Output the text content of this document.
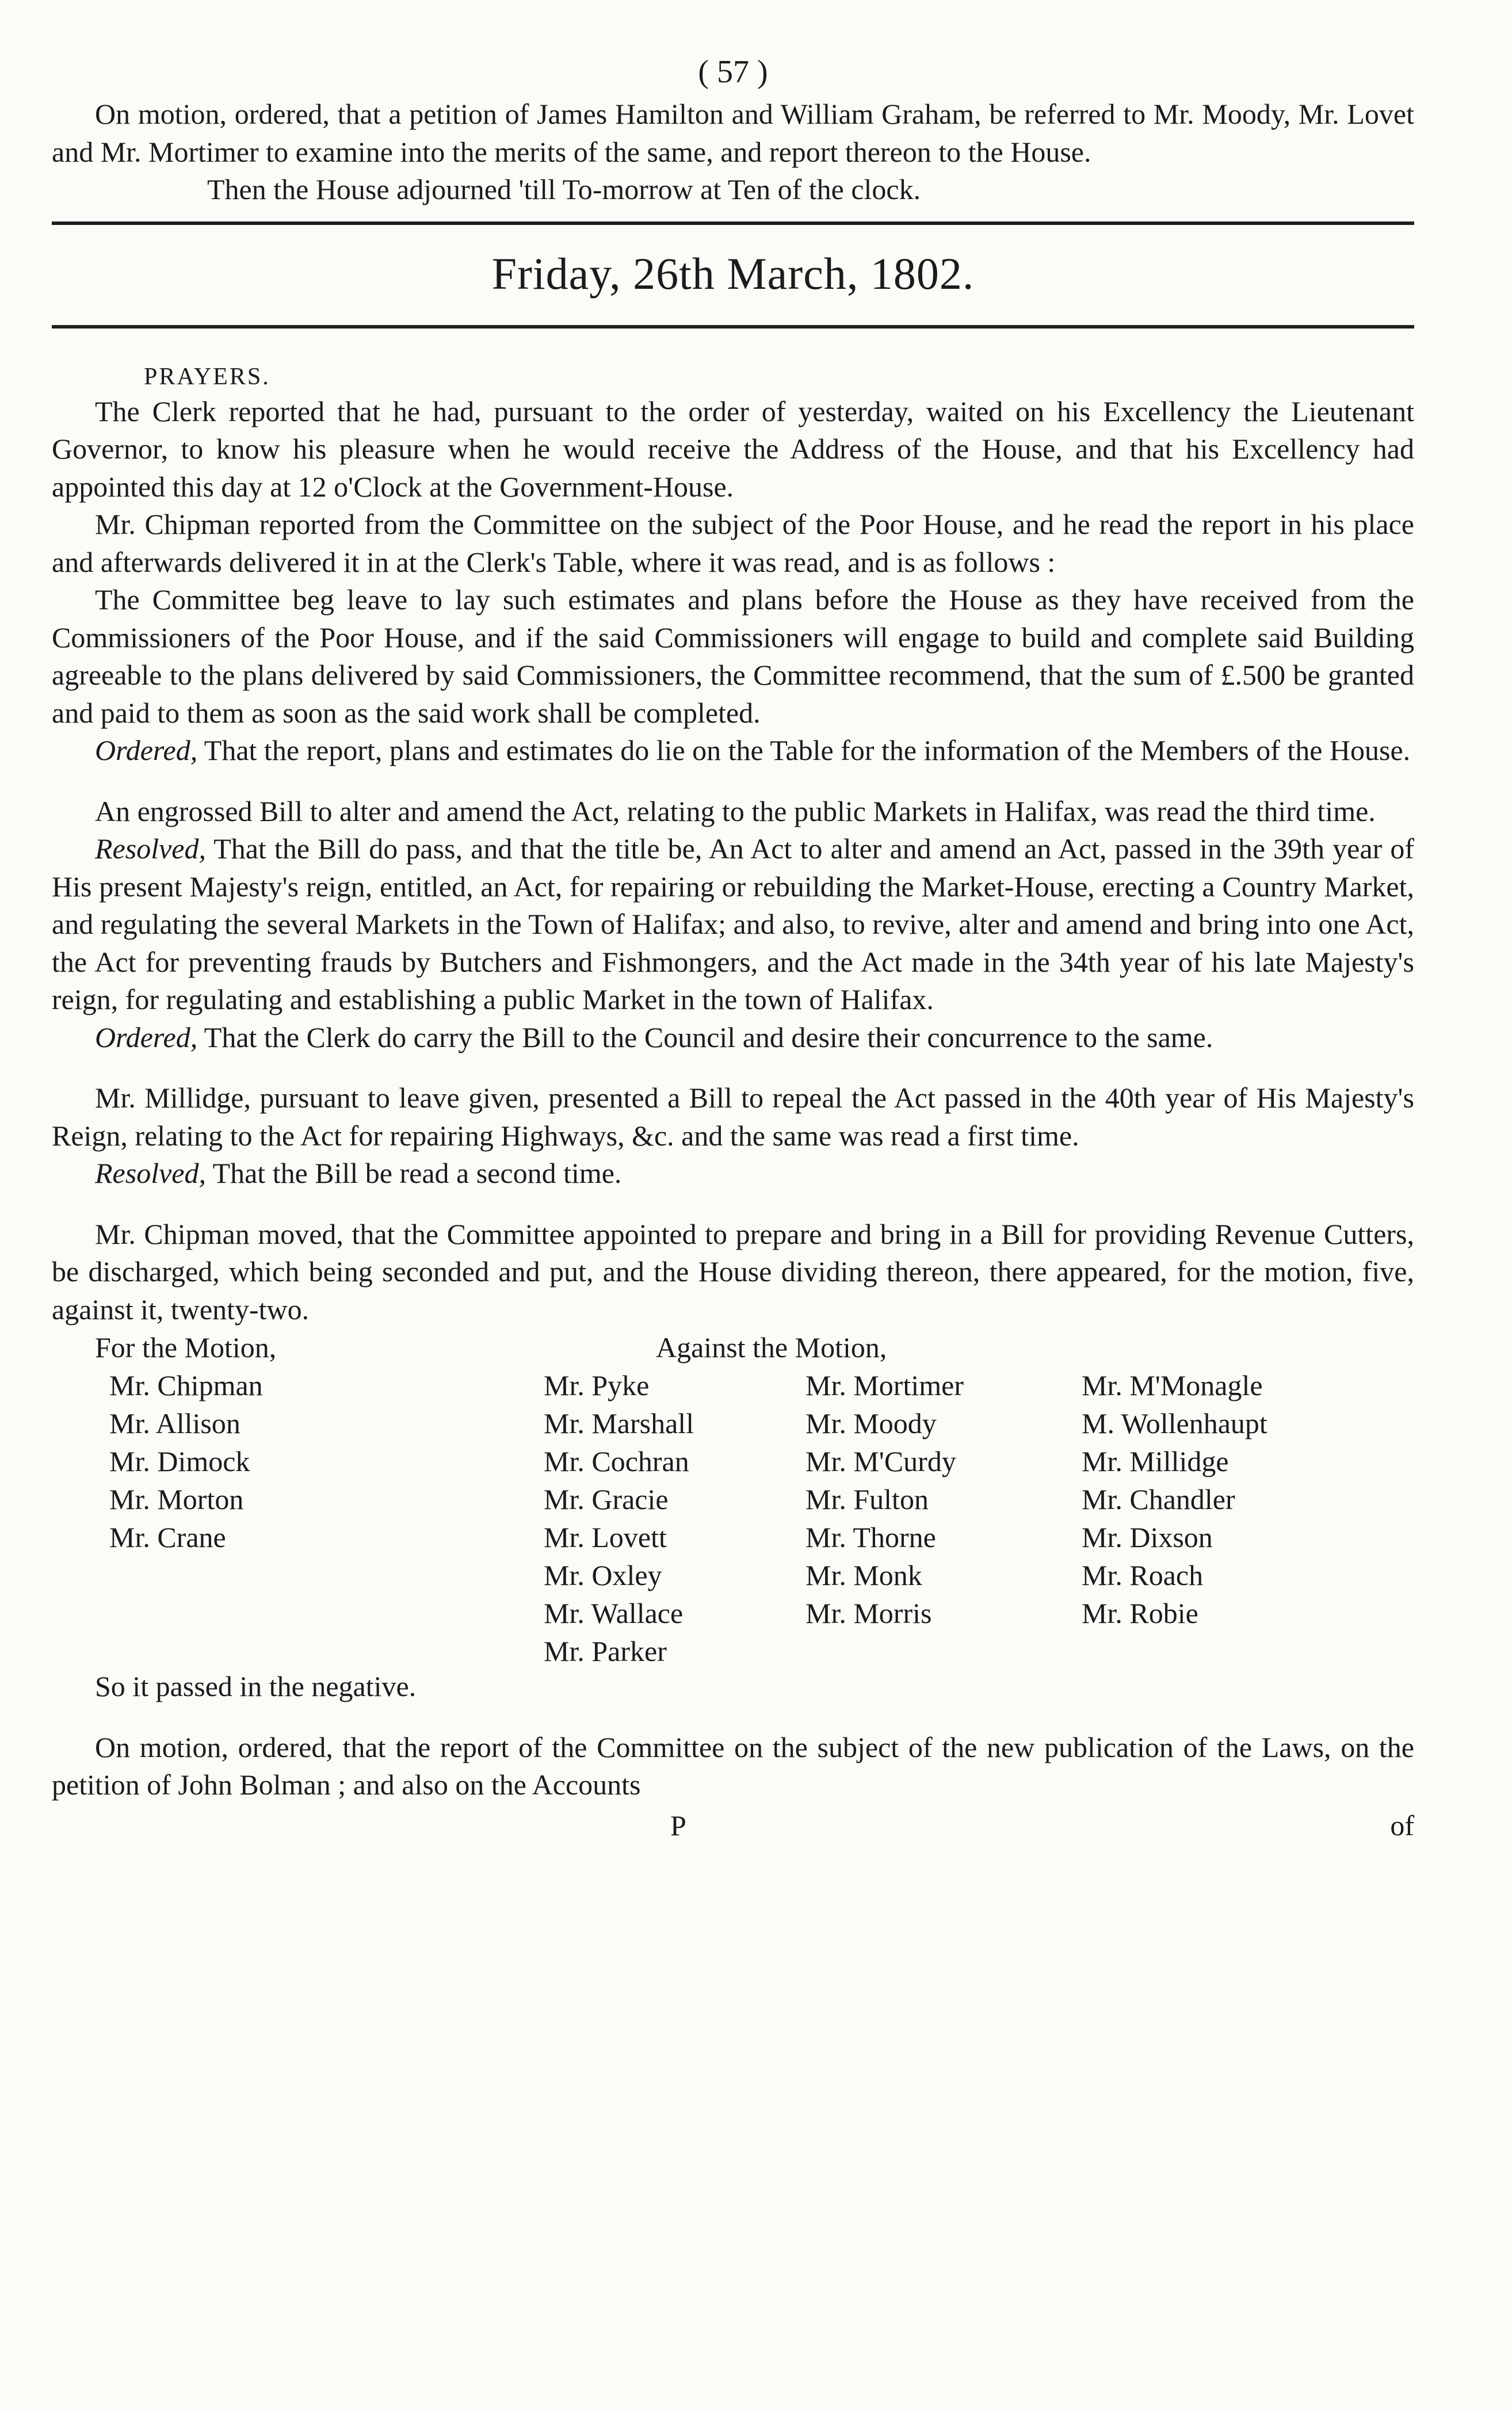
( 57 )

On motion, ordered, that a petition of James Hamilton and William Graham, be referred to Mr. Moody, Mr. Lovet and Mr. Mortimer to examine into the merits of the same, and report thereon to the House.

Then the House adjourned 'till To-morrow at Ten of the clock.

Friday, 26th March, 1802.

PRAYERS.

The Clerk reported that he had, pursuant to the order of yesterday, waited on his Excellency the Lieutenant Governor, to know his pleasure when he would receive the Address of the House, and that his Excellency had appointed this day at 12 o'Clock at the Government-House.

Mr. Chipman reported from the Committee on the subject of the Poor House, and he read the report in his place and afterwards delivered it in at the Clerk's Table, where it was read, and is as follows :

The Committee beg leave to lay such estimates and plans before the House as they have received from the Commissioners of the Poor House, and if the said Commissioners will engage to build and complete said Building agreeable to the plans delivered by said Commissioners, the Committee recommend, that the sum of £.500 be granted and paid to them as soon as the said work shall be completed.

Ordered, That the report, plans and estimates do lie on the Table for the information of the Members of the House.

An engrossed Bill to alter and amend the Act, relating to the public Markets in Halifax, was read the third time.

Resolved, That the Bill do pass, and that the title be, An Act to alter and amend an Act, passed in the 39th year of His present Majesty's reign, entitled, an Act, for repairing or rebuilding the Market-House, erecting a Country Market, and regulating the several Markets in the Town of Halifax; and also, to revive, alter and amend and bring into one Act, the Act for preventing frauds by Butchers and Fishmongers, and the Act made in the 34th year of his late Majesty's reign, for regulating and establishing a public Market in the town of Halifax.

Ordered, That the Clerk do carry the Bill to the Council and desire their concurrence to the same.

Mr. Millidge, pursuant to leave given, presented a Bill to repeal the Act passed in the 40th year of His Majesty's Reign, relating to the Act for repairing Highways, &c. and the same was read a first time.

Resolved, That the Bill be read a second time.

Mr. Chipman moved, that the Committee appointed to prepare and bring in a Bill for providing Revenue Cutters, be discharged, which being seconded and put, and the House dividing thereon, there appeared, for the motion, five, against it, twenty-two.

For the Motion,
Mr. Chipman
Mr. Allison
Mr. Dimock
Mr. Morton
Mr. Crane
Against the Motion,
Mr. Pyke
Mr. Marshall
Mr. Cochran
Mr. Gracie
Mr. Lovett
Mr. Oxley
Mr. Wallace
Mr. Parker
Mr. Mortimer
Mr. Moody
Mr. M'Curdy
Mr. Fulton
Mr. Thorne
Mr. Monk
Mr. Morris
Mr. M'Monagle
M. Wollenhaupt
Mr. Millidge
Mr. Chandler
Mr. Dixson
Mr. Roach
Mr. Robie

So it passed in the negative.

On motion, ordered, that the report of the Committee on the subject of the new publication of the Laws, on the petition of John Bolman ; and also on the Accounts

P	of
